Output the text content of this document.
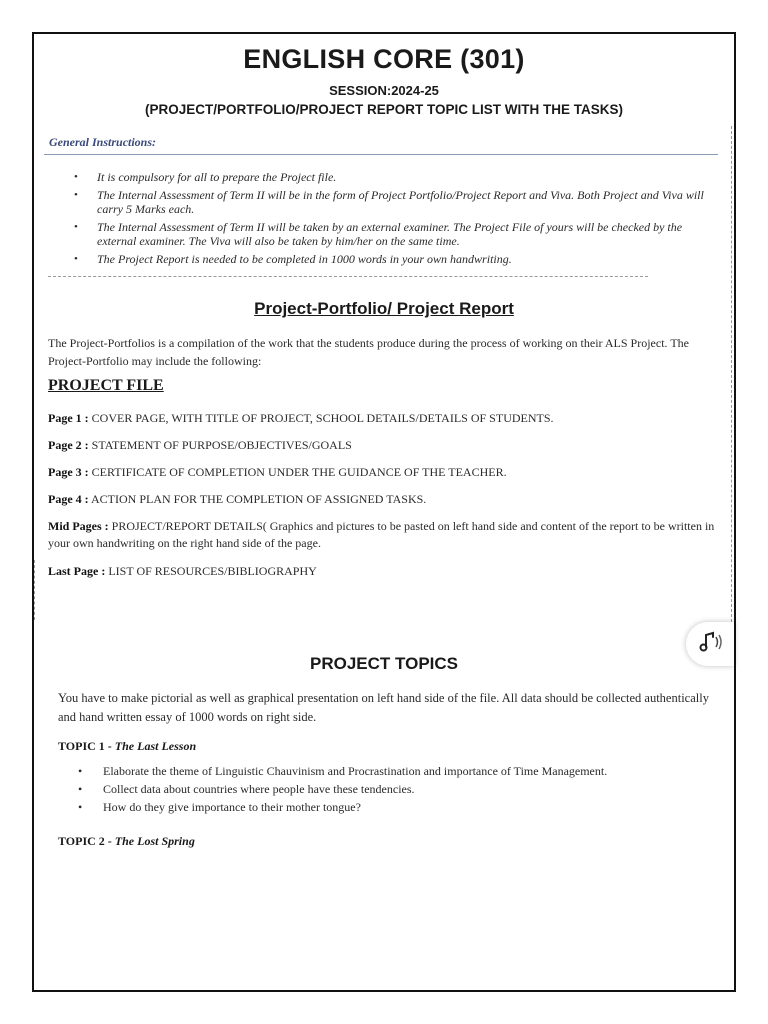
ENGLISH CORE (301)
SESSION:2024-25
(PROJECT/PORTFOLIO/PROJECT REPORT TOPIC LIST WITH THE TASKS)
General Instructions:
• It is compulsory for all to prepare the Project file.
• The Internal Assessment of Term II will be in the form of Project Portfolio/Project Report and Viva. Both Project and Viva will carry 5 Marks each.
• The Internal Assessment of Term II will be taken by an external examiner. The Project File of yours will be checked by the external examiner. The Viva will also be taken by him/her on the same time.
• The Project Report is needed to be completed in 1000 words in your own handwriting.
Project-Portfolio/ Project Report
The Project-Portfolios is a compilation of the work that the students produce during the process of working on their ALS Project. The Project-Portfolio may include the following:
PROJECT FILE
Page 1 : COVER PAGE, WITH TITLE OF PROJECT, SCHOOL DETAILS/DETAILS OF STUDENTS.
Page 2 : STATEMENT OF PURPOSE/OBJECTIVES/GOALS
Page 3 : CERTIFICATE OF COMPLETION UNDER THE GUIDANCE OF THE TEACHER.
Page 4 : ACTION PLAN FOR THE COMPLETION OF ASSIGNED TASKS.
Mid Pages : PROJECT/REPORT DETAILS( Graphics and pictures to be pasted on left hand side and content of the report to be written in your own handwriting on the right hand side of the page.
Last Page : LIST OF RESOURCES/BIBLIOGRAPHY
PROJECT TOPICS
You have to make pictorial as well as graphical presentation on left hand side of the file. All data should be collected authentically and hand written essay of 1000 words on right side.
TOPIC 1 - The Last Lesson
• Elaborate the theme of Linguistic Chauvinism and Procrastination and importance of Time Management.
• Collect data about countries where people have these tendencies.
• How do they give importance to their mother tongue?
TOPIC 2 - The Lost Spring
